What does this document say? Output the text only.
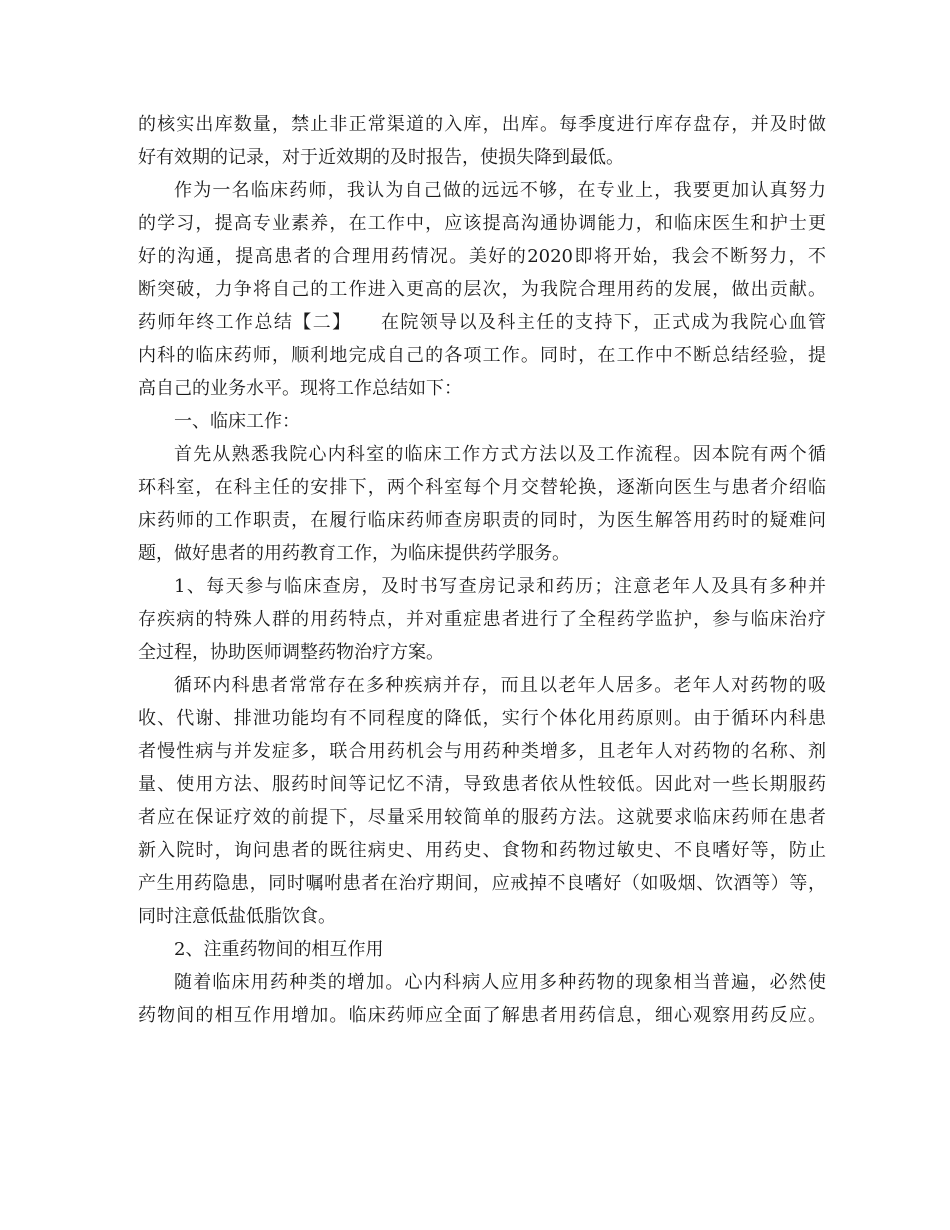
的核实出库数量，禁止非正常渠道的入库，出库。每季度进行库存盘存，并及时做
好有效期的记录，对于近效期的及时报告，使损失降到最低。
作为一名临床药师，我认为自己做的远远不够，在专业上，我要更加认真努力
的学习，提高专业素养，在工作中，应该提高沟通协调能力，和临床医生和护士更
好的沟通，提高患者的合理用药情况。美好的2020即将开始，我会不断努力，不
断突破，力争将自己的工作进入更高的层次，为我院合理用药的发展，做出贡献。
药师年终工作总结【二】 在院领导以及科主任的支持下，正式成为我院心血管
内科的临床药师，顺利地完成自己的各项工作。同时，在工作中不断总结经验，提
高自己的业务水平。现将工作总结如下：
一、临床工作：
首先从熟悉我院心内科室的临床工作方式方法以及工作流程。因本院有两个循
环科室，在科主任的安排下，两个科室每个月交替轮换，逐渐向医生与患者介绍临
床药师的工作职责，在履行临床药师查房职责的同时，为医生解答用药时的疑难问
题，做好患者的用药教育工作，为临床提供药学服务。
1、每天参与临床查房，及时书写查房记录和药历；注意老年人及具有多种并
存疾病的特殊人群的用药特点，并对重症患者进行了全程药学监护，参与临床治疗
全过程，协助医师调整药物治疗方案。
循环内科患者常常存在多种疾病并存，而且以老年人居多。老年人对药物的吸
收、代谢、排泄功能均有不同程度的降低，实行个体化用药原则。由于循环内科患
者慢性病与并发症多，联合用药机会与用药种类增多，且老年人对药物的名称、剂
量、使用方法、服药时间等记忆不清，导致患者依从性较低。因此对一些长期服药
者应在保证疗效的前提下，尽量采用较简单的服药方法。这就要求临床药师在患者
新入院时，询问患者的既往病史、用药史、食物和药物过敏史、不良嗜好等，防止
产生用药隐患，同时嘱咐患者在治疗期间，应戒掉不良嗜好（如吸烟、饮酒等）等，
同时注意低盐低脂饮食。
2、注重药物间的相互作用
随着临床用药种类的增加。心内科病人应用多种药物的现象相当普遍，必然使
药物间的相互作用增加。临床药师应全面了解患者用药信息，细心观察用药反应。
